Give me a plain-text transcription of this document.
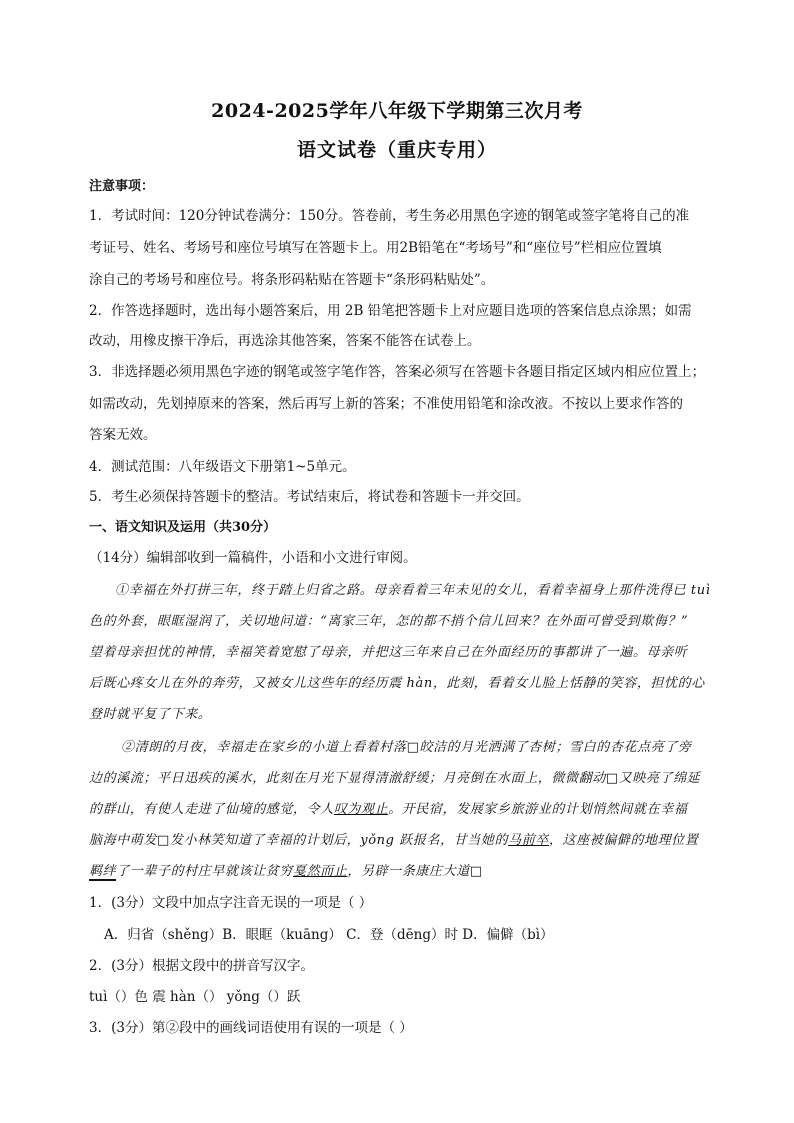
2024-2025学年八年级下学期第三次月考
语文试卷（重庆专用）
注意事项：
1．考试时间：120分钟试卷满分：150分。答卷前，考生务必用黑色字迹的钢笔或签字笔将自己的准
考证号、姓名、考场号和座位号填写在答题卡上。用2B铅笔在“考场号”和“座位号”栏相应位置填
涂自己的考场号和座位号。将条形码粘贴在答题卡“条形码粘贴处”。
2．作答选择题时，选出每小题答案后，用 2B 铅笔把答题卡上对应题目选项的答案信息点涂黑；如需
改动，用橡皮擦干净后，再选涂其他答案，答案不能答在试卷上。
3．非选择题必须用黑色字迹的钢笔或签字笔作答，答案必须写在答题卡各题目指定区域内相应位置上；
如需改动，先划掉原来的答案，然后再写上新的答案；不准使用铅笔和涂改液。不按以上要求作答的
答案无效。
4．测试范围：八年级语文下册第1~5单元。
5．考生必须保持答题卡的整洁。考试结束后，将试卷和答题卡一并交回。
一、语文知识及运用（共30分）
（14分）编辑部收到一篇稿件，小语和小文进行审阅。
①幸福在外打拼三年，终于踏上归省之路。母亲看着三年未见的女儿，看着幸福身上那件洗得已 tuì
色的外套，眼眶湿润了，关切地问道：“离家三年，怎的都不捎个信儿回来？在外面可曾受到欺侮？”
望着母亲担忧的神情，幸福笑着宽慰了母亲，并把这三年来自己在外面经历的事都讲了一遍。母亲听
后既心疼女儿在外的奔劳，又被女儿这些年的经历震 hàn，此刻，看着女儿脸上恬静的笑容，担忧的心
登时就平复了下来。
②清朗的月夜，幸福走在家乡的小道上看着村落□皎洁的月光洒满了杏树；雪白的杏花点亮了旁
边的溪流；平日迅疾的溪水，此刻在月光下显得清澈舒缓；月亮倒在水面上，微微翻动□又映亮了绵延
的群山，有使人走进了仙境的感觉，令人叹为观止。开民宿，发展家乡旅游业的计划悄然间就在幸福
脑海中萌发□发小林笑知道了幸福的计划后，yǒng 跃报名，甘当她的马前卒，这座被偏僻的地理位置
羁绊了一辈子的村庄早就该让贫穷戛然而止，另辟一条康庄大道□
1．(3分）文段中加点字注音无误的一项是（ ）
A．归省（shěng）B．眼眶（kuāng） C．登（dēng）时 D．偏僻（bì）
2．(3分）根据文段中的拼音写汉字。
tuì（）色 震 hàn（） yǒng（）跃
3．(3分）第②段中的画线词语使用有误的一项是（ ）
